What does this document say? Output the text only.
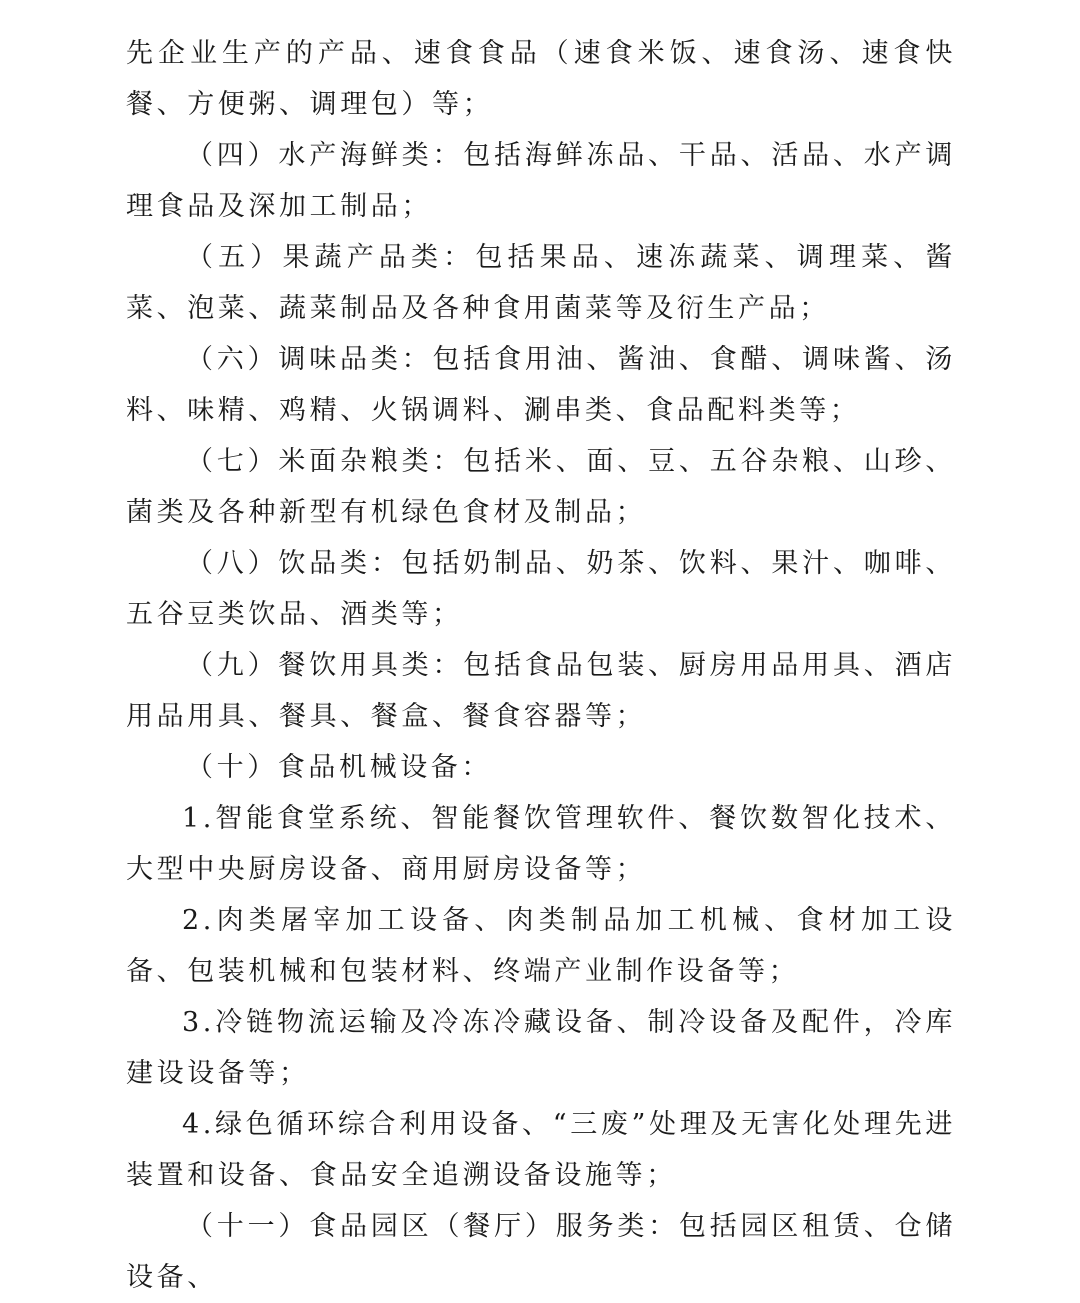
先企业生产的产品、速食食品（速食米饭、速食汤、速食快餐、方便粥、调理包）等；

（四）水产海鲜类：包括海鲜冻品、干品、活品、水产调理食品及深加工制品；

（五）果蔬产品类：包括果品、速冻蔬菜、调理菜、酱菜、泡菜、蔬菜制品及各种食用菌菜等及衍生产品；

（六）调味品类：包括食用油、酱油、食醋、调味酱、汤料、味精、鸡精、火锅调料、涮串类、食品配料类等；

（七）米面杂粮类：包括米、面、豆、五谷杂粮、山珍、菌类及各种新型有机绿色食材及制品；

（八）饮品类：包括奶制品、奶茶、饮料、果汁、咖啡、五谷豆类饮品、酒类等；

（九）餐饮用具类：包括食品包装、厨房用品用具、酒店用品用具、餐具、餐盒、餐食容器等；

（十）食品机械设备：

1.智能食堂系统、智能餐饮管理软件、餐饮数智化技术、大型中央厨房设备、商用厨房设备等；

2.肉类屠宰加工设备、肉类制品加工机械、食材加工设备、包装机械和包装材料、终端产业制作设备等；

3.冷链物流运输及冷冻冷藏设备、制冷设备及配件，冷库建设设备等；

4.绿色循环综合利用设备、“三废”处理及无害化处理先进装置和设备、食品安全追溯设备设施等；

（十一）食品园区（餐厅）服务类：包括园区租赁、仓储设备、
